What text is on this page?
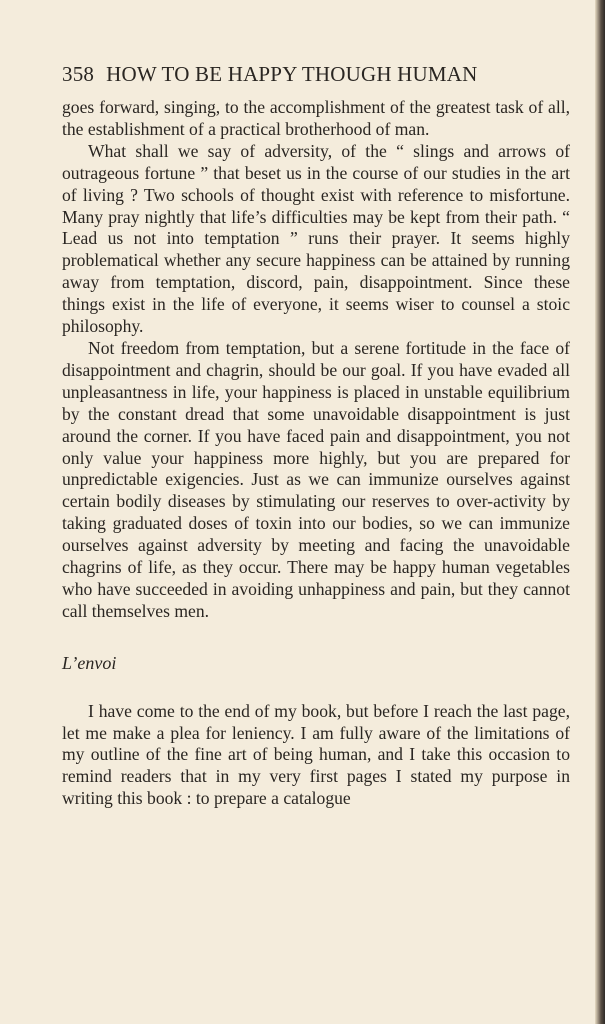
358 HOW TO BE HAPPY THOUGH HUMAN

goes forward, singing, to the accomplishment of the greatest task of all, the establishment of a practical brotherhood of man.

What shall we say of adversity, of the “ slings and arrows of outrageous fortune ” that beset us in the course of our studies in the art of living ? Two schools of thought exist with reference to misfortune. Many pray nightly that life’s difficulties may be kept from their path. “ Lead us not into temptation ” runs their prayer. It seems highly problematical whether any secure happiness can be attained by running away from temptation, discord, pain, disappointment. Since these things exist in the life of everyone, it seems wiser to counsel a stoic philosophy.

Not freedom from temptation, but a serene fortitude in the face of disappointment and chagrin, should be our goal. If you have evaded all unpleasantness in life, your happiness is placed in unstable equilibrium by the constant dread that some unavoidable disappointment is just around the corner. If you have faced pain and disappointment, you not only value your happiness more highly, but you are prepared for unpredictable exigencies. Just as we can immunize ourselves against certain bodily diseases by stimulating our reserves to over-activity by taking graduated doses of toxin into our bodies, so we can immunize ourselves against adversity by meeting and facing the unavoidable chagrins of life, as they occur. There may be happy human vegetables who have succeeded in avoiding unhappiness and pain, but they cannot call themselves men.

L’envoi

I have come to the end of my book, but before I reach the last page, let me make a plea for leniency. I am fully aware of the limitations of my outline of the fine art of being human, and I take this occasion to remind readers that in my very first pages I stated my purpose in writing this book : to prepare a catalogue
